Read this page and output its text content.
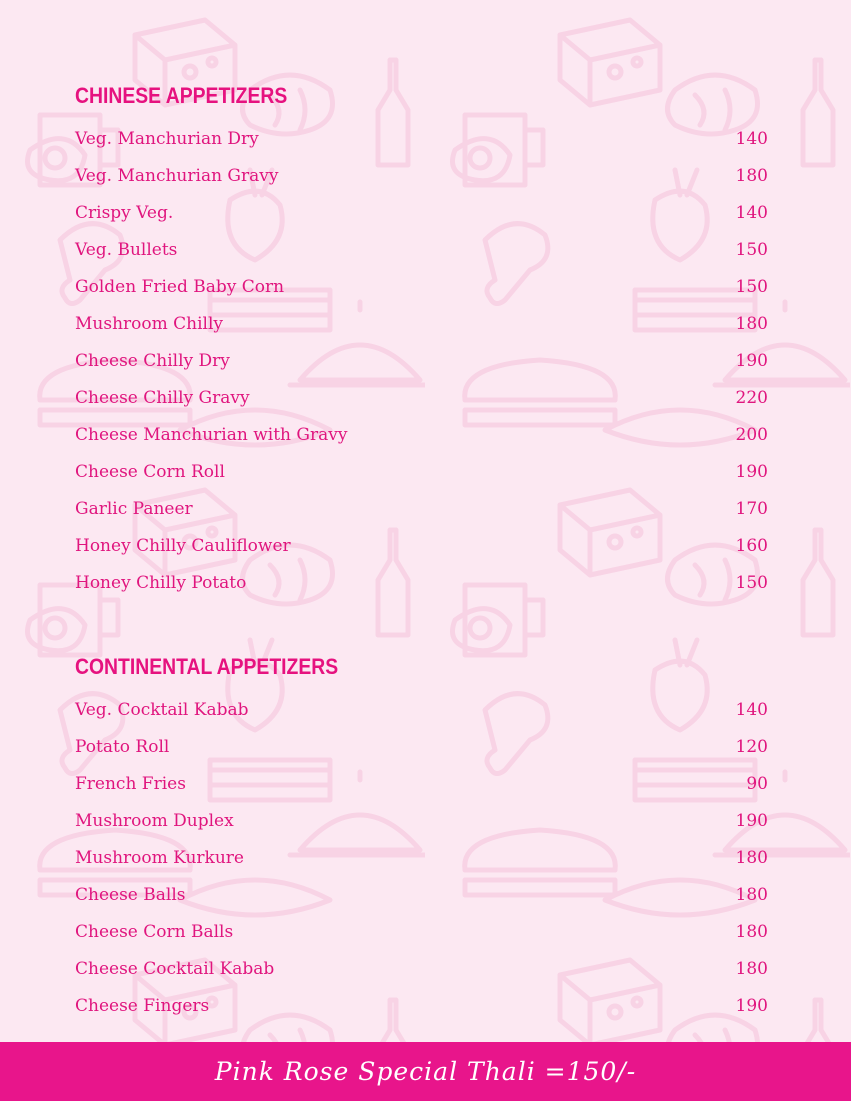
CHINESE APPETIZERS
Veg. Manchurian Dry	140
Veg. Manchurian Gravy	180
Crispy Veg.	140
Veg. Bullets	150
Golden Fried Baby Corn	150
Mushroom Chilly	180
Cheese Chilly Dry	190
Cheese Chilly Gravy	220
Cheese Manchurian with Gravy	200
Cheese Corn Roll	190
Garlic Paneer	170
Honey Chilly Cauliflower	160
Honey Chilly Potato	150
CONTINENTAL APPETIZERS
Veg. Cocktail Kabab	140
Potato Roll	120
French Fries	90
Mushroom Duplex	190
Mushroom Kurkure	180
Cheese Balls	180
Cheese Corn Balls	180
Cheese Cocktail Kabab	180
Cheese Fingers	190
Pink Rose Special Thali =150/-
